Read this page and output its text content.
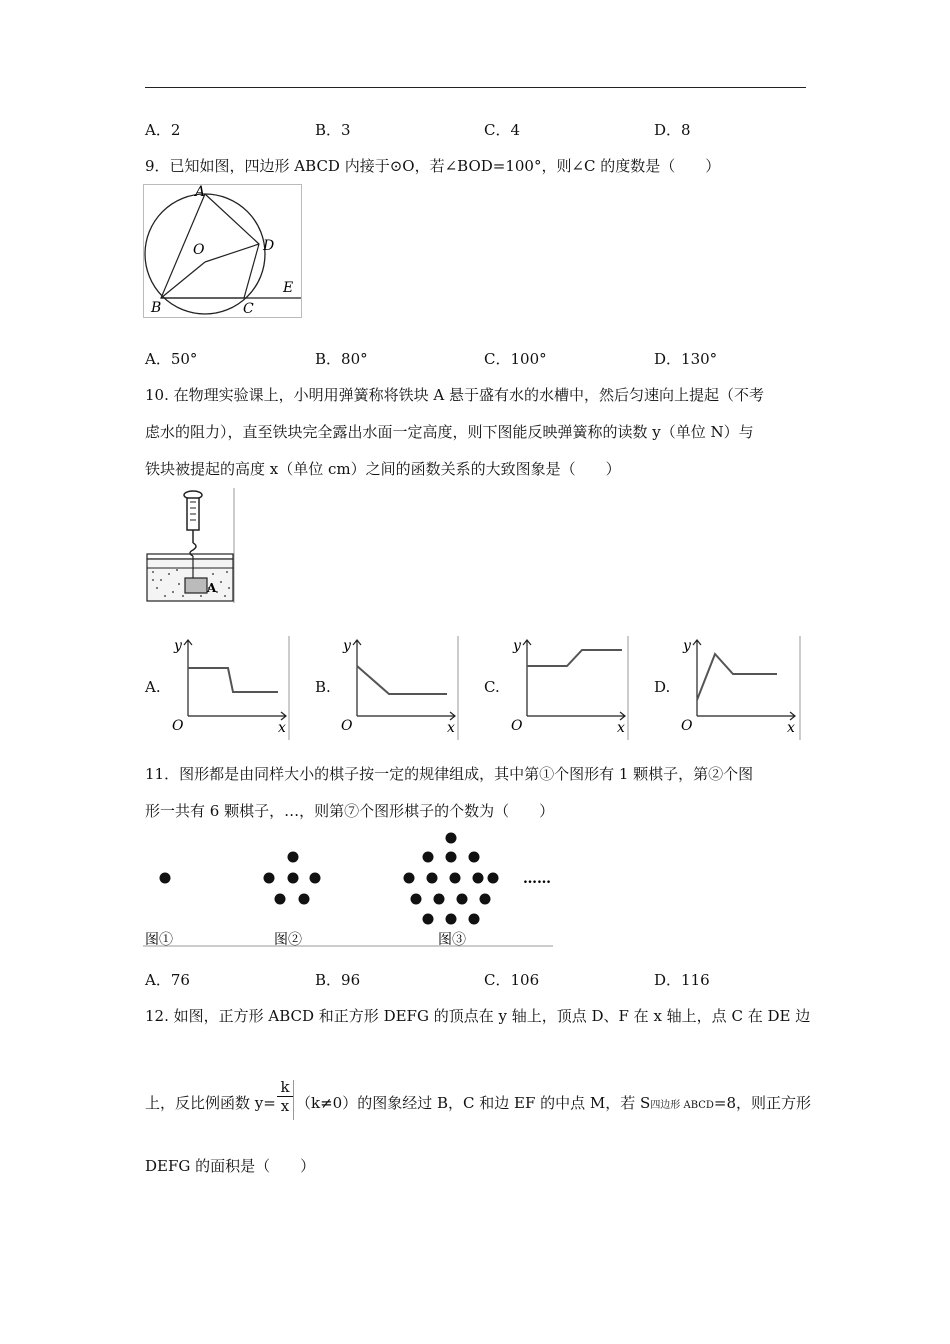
A．2	B．3	C．4	D．8
9．已知如图，四边形 ABCD 内接于⊙O，若∠BOD=100°，则∠C 的度数是（　　）
A
O	D
B	C
E
A．50°	B．80°	C．100°	D．130°
10. 在物理实验课上，小明用弹簧称将铁块 A 悬于盛有水的水槽中，然后匀速向上提起（不考
虑水的阻力），直至铁块完全露出水面一定高度，则下图能反映弹簧称的读数 y（单位 N）与
铁块被提起的高度 x（单位 cm）之间的函数关系的大致图象是（　　）
A
A.
y
O	x
B.
y
O	x
C.
y
O	x
D.
y
O	x
11．图形都是由同样大小的棋子按一定的规律组成，其中第①个图形有 1 颗棋子，第②个图
形一共有 6 颗棋子，…，则第⑦个图形棋子的个数为（　　）
……
图①	图②	图③
A．76	B．96	C．106	D．116
12. 如图，正方形 ABCD 和正方形 DEFG 的顶点在 y 轴上，顶点 D、F 在 x 轴上，点 C 在 DE 边
上，反比例函数 $y= \frac{k}{x} (k\ne 0)$的图象经过 B，C 和边 EF 的中点 M，若 S四边形 ABCD=8，则正方形
DEFG 的面积是（　　）
